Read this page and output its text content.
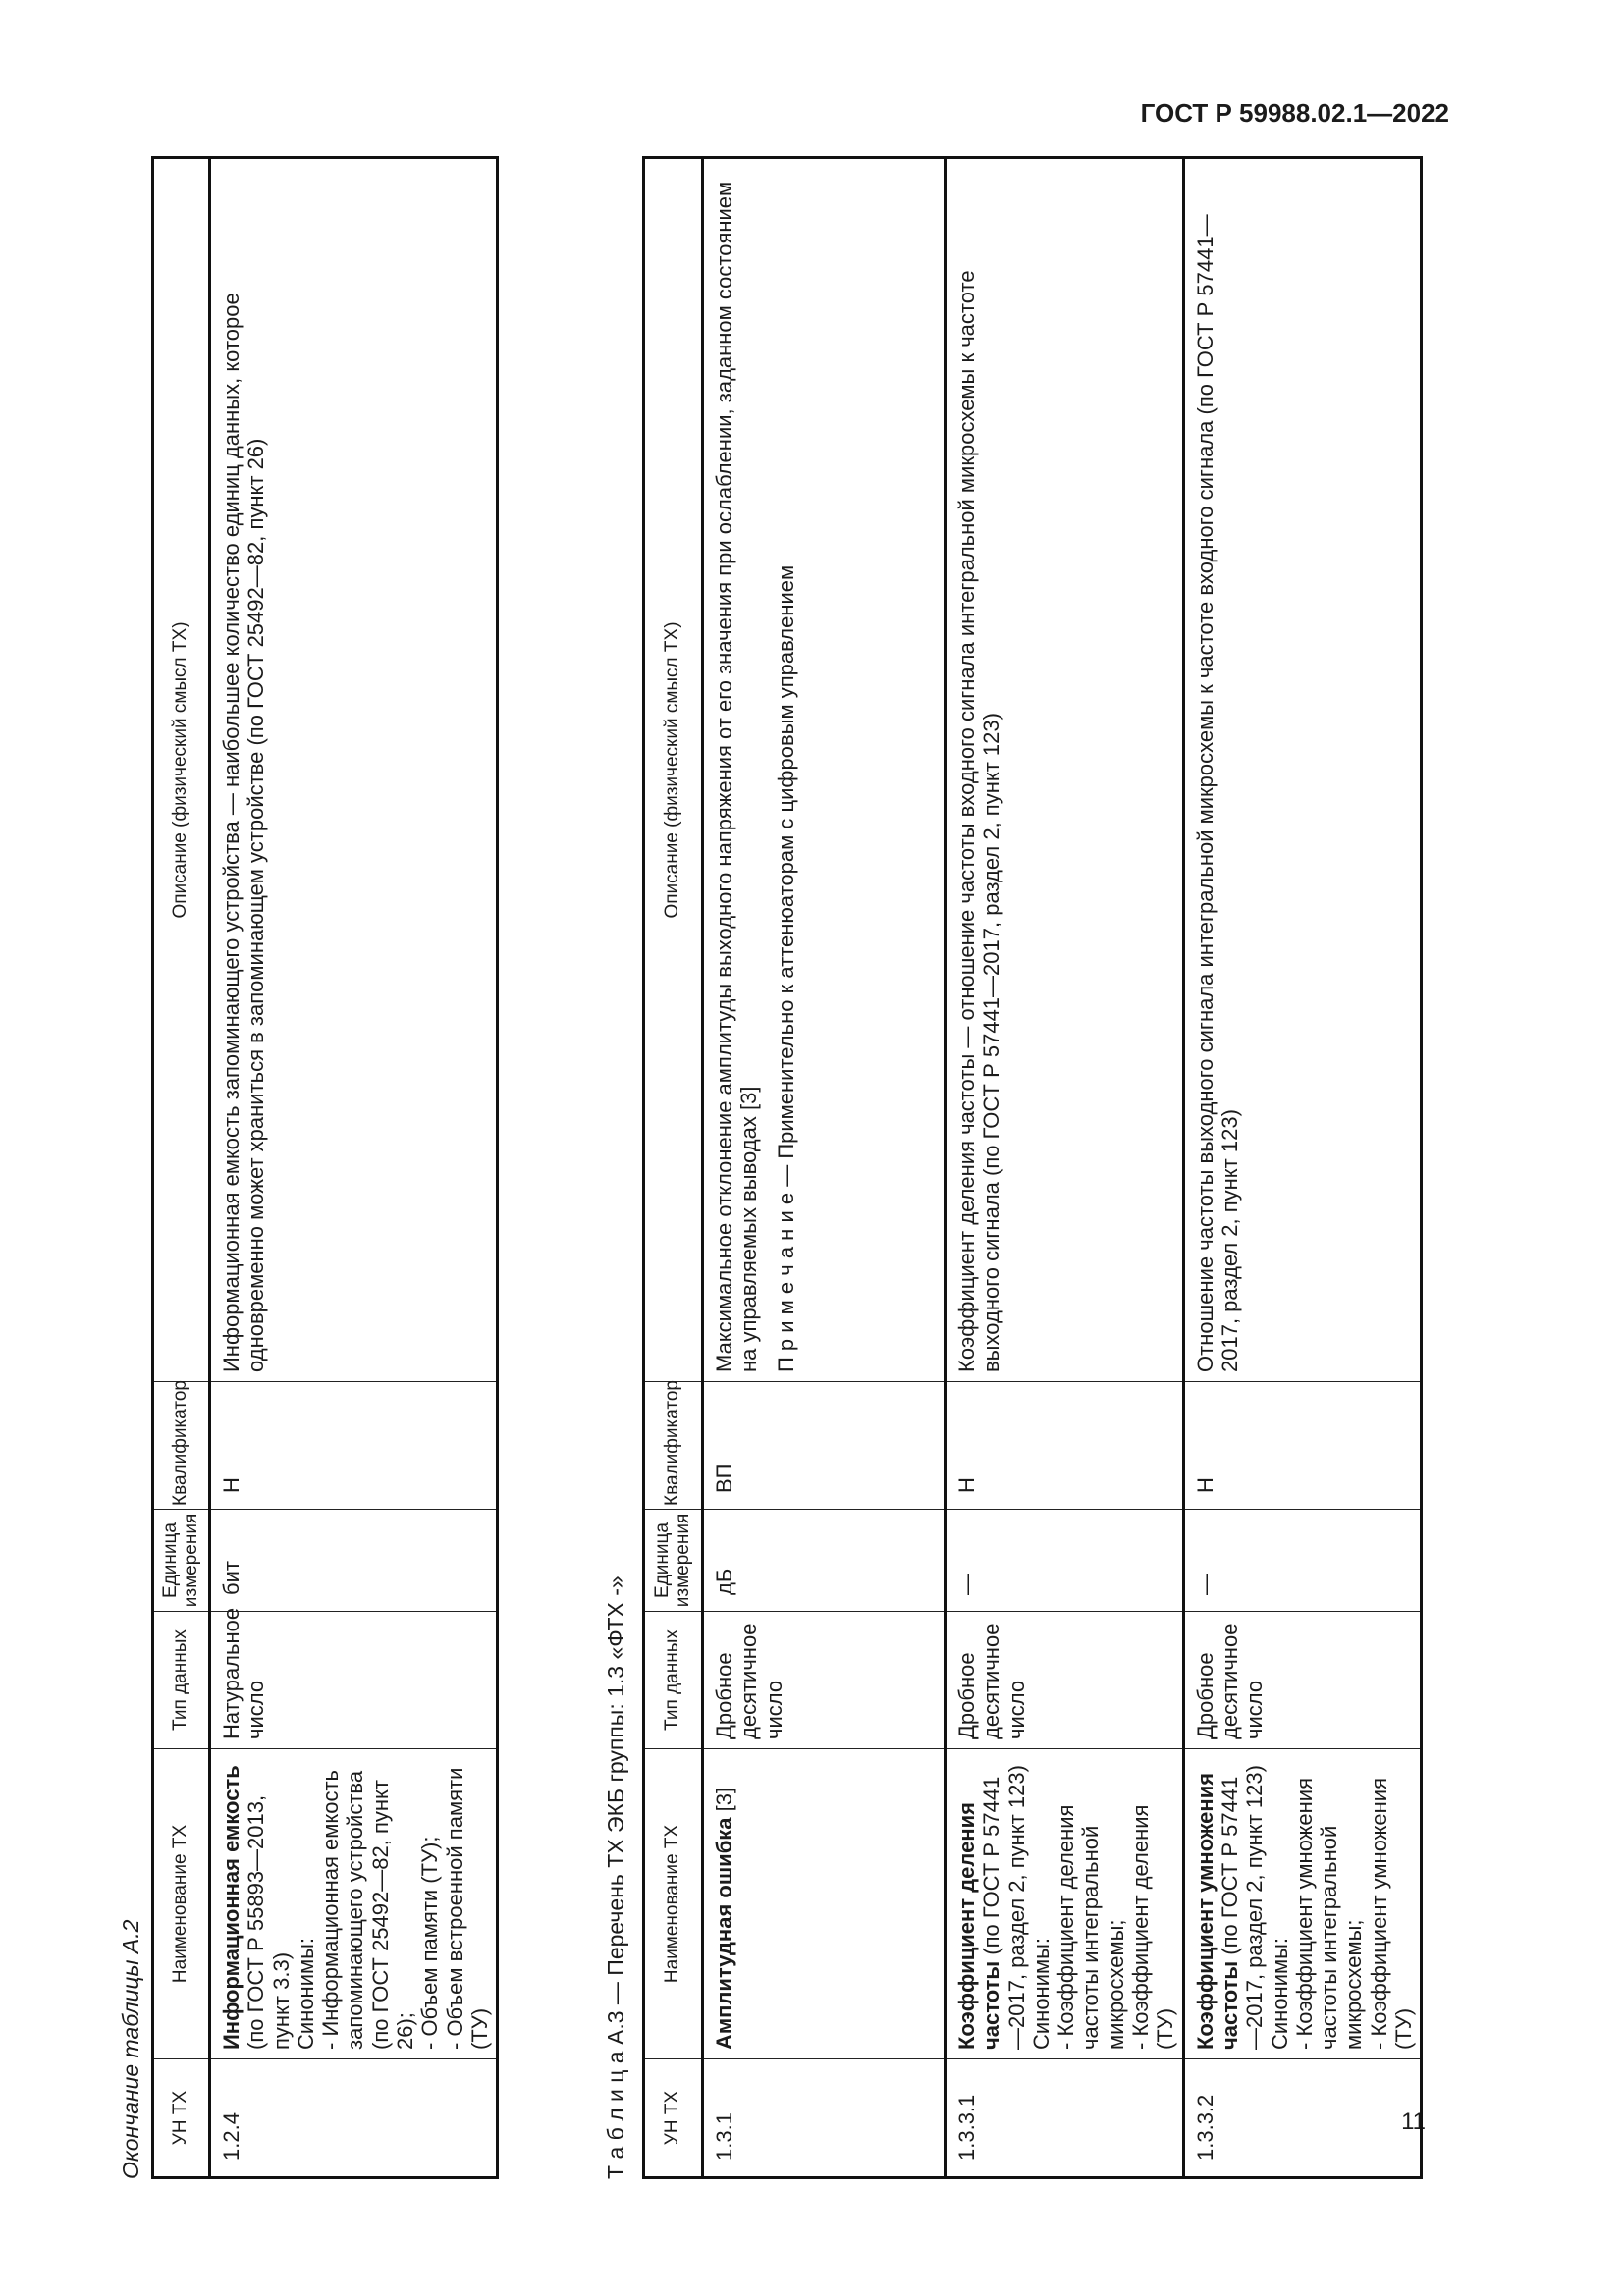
ГОСТ Р 59988.02.1—2022
11
Окончание таблицы А.2 УН ТХ	Наименование ТХ	Тип данных	Единица измерения	Квалификатор	Описание (физический смысл ТХ)
1.2.4	Информационная емкость (по ГОСТ Р 55893—2013, пункт 3.3)
Синонимы:
- Информационная емкость запоминающего устройства (по ГОСТ 25492—82, пункт 26);
- Объем памяти (ТУ);
- Объем встроенной памяти (ТУ)	Натуральное число	бит	Н	Информационная емкость запоминающего устройства — наибольшее количество единиц данных, которое одновременно может храниться в запоминающем устройстве (по ГОСТ 25492—82, пункт 26)
Т а б л и ц а А.3 — Перечень ТХ ЭКБ группы: 1.3 «ФТХ -»
УН ТХ	Наименование ТХ	Тип данных	Единица измерения	Квалификатор	Описание (физический смысл ТХ)
1.3.1	Амплитудная ошибка [3]	Дробное десятичное число	дБ	ВП	Максимальное отклонение амплитуды выходного напряжения от его значения при ослаблении, заданном состоянием на управляемых выводах [3] П р и м е ч а н и е — Применительно к аттенюаторам с цифровым управлением

1.3.3.1	Коэффициент деления частоты (по ГОСТ Р 57441—2017, раздел 2, пункт 123)
Синонимы:
- Коэффициент деления частоты интегральной микросхемы;
- Коэффициент деления (ТУ)	Дробное десятичное число	—	Н	Коэффициент деления частоты — отношение частоты входного сигнала интегральной микросхемы к частоте выходного сигнала (по ГОСТ Р 57441—2017, раздел 2, пункт 123)
1.3.3.2	Коэффициент умножения частоты (по ГОСТ Р 57441—2017, раздел 2, пункт 123)
Синонимы:
- Коэффициент умножения частоты интегральной микросхемы;
- Коэффициент умножения (ТУ)	Дробное десятичное число	—	Н	Отношение частоты выходного сигнала интегральной микросхемы к частоте входного сигнала (по ГОСТ Р 57441—2017, раздел 2, пункт 123)
